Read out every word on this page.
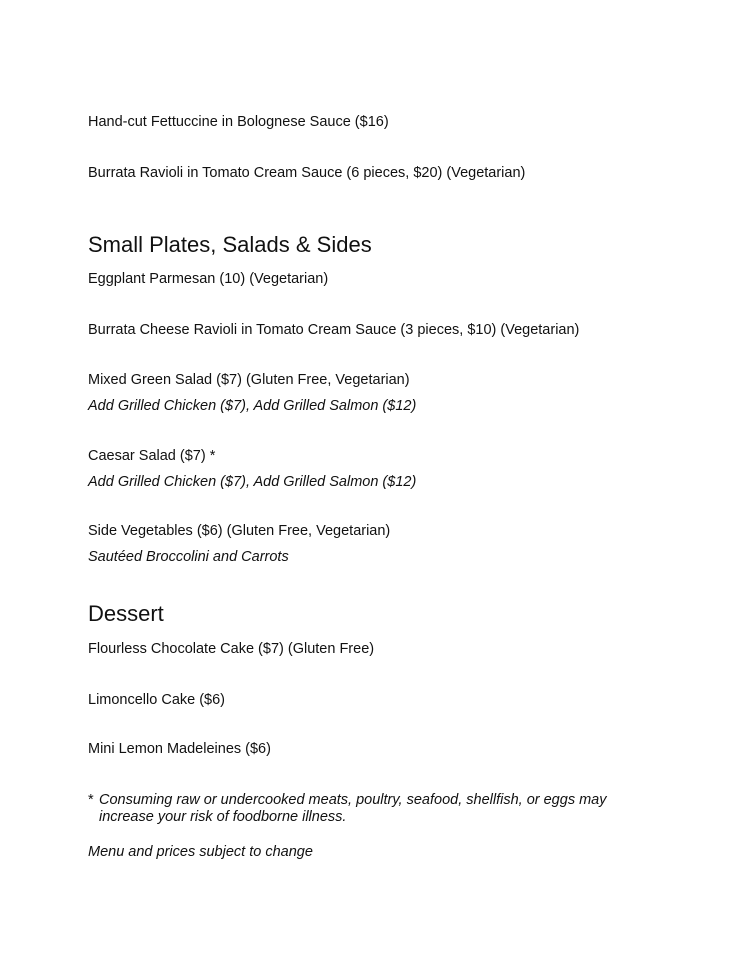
Hand-cut Fettuccine in Bolognese Sauce ($16)
Burrata Ravioli in Tomato Cream Sauce (6 pieces, $20) (Vegetarian)
Small Plates, Salads & Sides
Eggplant Parmesan (10) (Vegetarian)
Burrata Cheese Ravioli in Tomato Cream Sauce (3 pieces, $10) (Vegetarian)
Mixed Green Salad ($7) (Gluten Free, Vegetarian)
Add Grilled Chicken ($7), Add Grilled Salmon ($12)
Caesar Salad ($7) *
Add Grilled Chicken ($7), Add Grilled Salmon ($12)
Side Vegetables ($6) (Gluten Free, Vegetarian)
Sautéed Broccolini and Carrots
Dessert
Flourless Chocolate Cake ($7) (Gluten Free)
Limoncello Cake ($6)
Mini Lemon Madeleines ($6)
* Consuming raw or undercooked meats, poultry, seafood, shellfish, or eggs may increase your risk of foodborne illness.
Menu and prices subject to change
